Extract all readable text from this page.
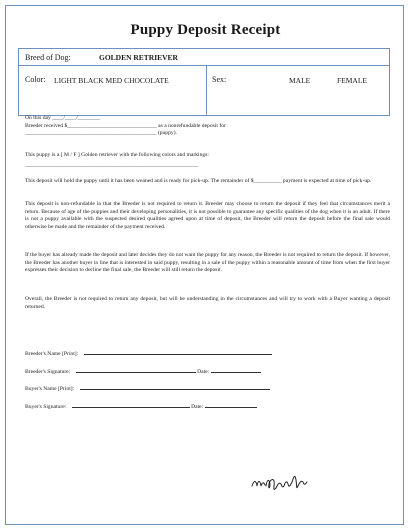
Puppy Deposit Receipt
Breed of Dog:	GOLDEN RETRIEVER
Color: LIGHT BLACK MED CHOCOLATE	Sex:	MALE	FEMALE
On this day ____/____/________
Breeder received $________________________________ as a nonrefundable deposit for
_______________________________________________ (puppy).
This puppy is a [ M / F ] Golden retriever with the following colors and markings:
______________________________________________________________

This deposit will hold the puppy until it has been weaned and is ready for pick-up. The remainder of $__________ payment is expected at time of pick-up.

This deposit is non-refundable in that the Breeder is not required to return it. Breeder may choose to return the deposit if they feel that circumstances merit a return. Because of age of the puppies and their developing personalities, it is not possible to guarantee any specific qualities of the dog when it is an adult. If there is not a puppy available with the suspected desired qualities agreed upon at time of deposit, the Breeder will return the deposit before the final sale would otherwise be made and the remainder of the payment received.

If the buyer has already made the deposit and later decides they do not want the puppy for any reason, the Breeder is not required to return the deposit. If however, the Breeder has another buyer in line that is interested in said puppy, resulting in a sale of the puppy within a reasonable amount of time from when the first buyer expresses their decision to decline the final sale, the Breeder will still return the deposit.

Overall, the Breeder is not required to return any deposit, but will be understanding in the circumstances and will try to work with a Buyer wanting a deposit returned.

Breeder's Name [Print]:
Breeder's Signature:	Date:
Buyer's Name [Print]:
Buyer's Signature:	Date:
